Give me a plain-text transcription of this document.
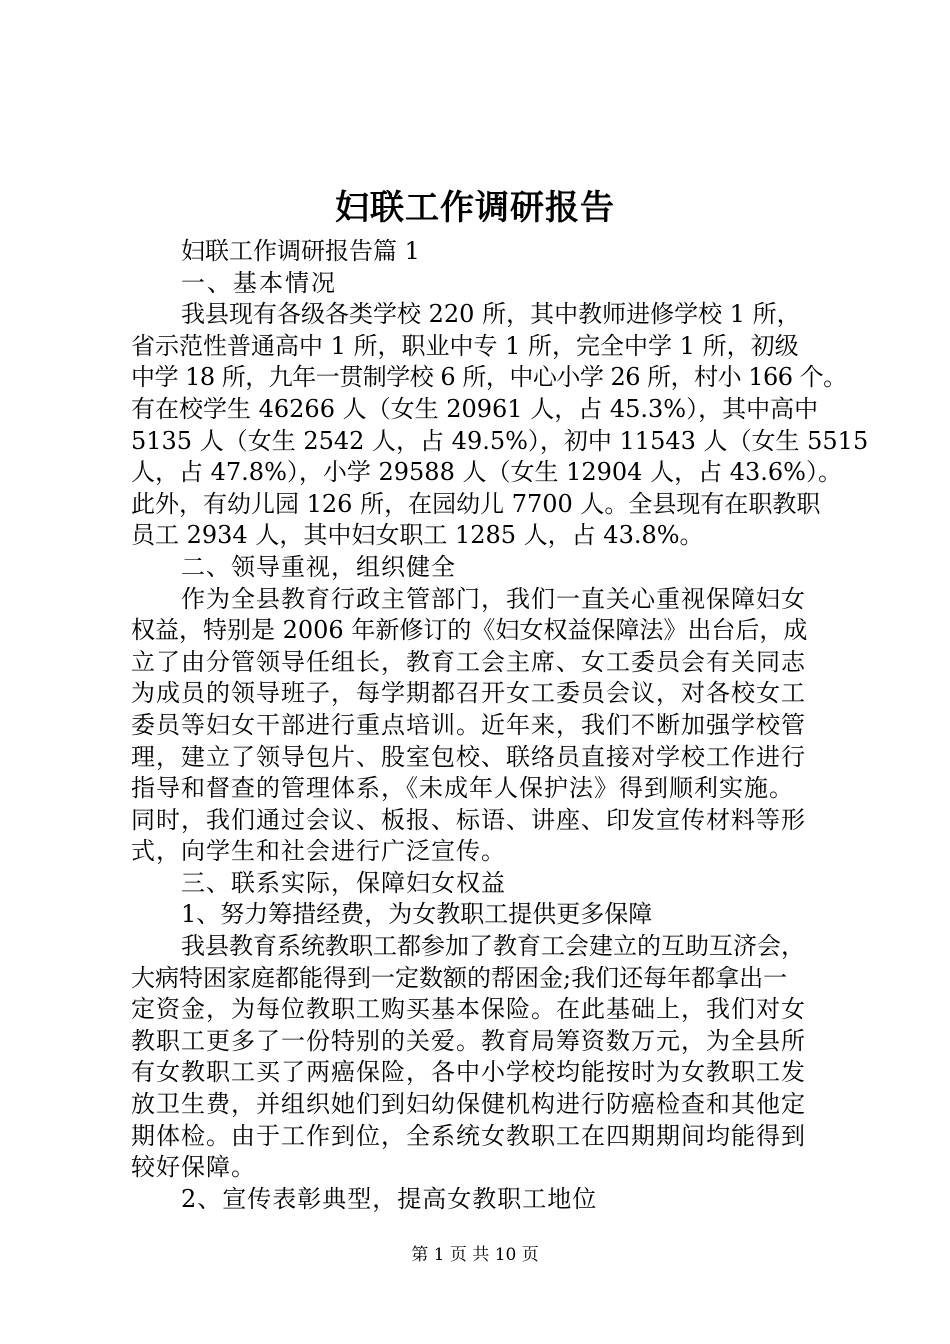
妇联工作调研报告
妇联工作调研报告篇 1
一、基本情况
我县现有各级各类学校 220 所，其中教师进修学校 1 所，
省示范性普通高中 1 所，职业中专 1 所，完全中学 1 所，初级
中学 18 所，九年一贯制学校 6 所，中心小学 26 所，村小 166 个。
有在校学生 46266 人（女生 20961 人，占 45.3%），其中高中
5135 人（女生 2542 人，占 49.5%），初中 11543 人（女生 5515
人，占 47.8%），小学 29588 人（女生 12904 人，占 43.6%）。
此外，有幼儿园 126 所，在园幼儿 7700 人。全县现有在职教职
员工 2934 人，其中妇女职工 1285 人，占 43.8%。
二、领导重视，组织健全
作为全县教育行政主管部门，我们一直关心重视保障妇女
权益，特别是 2006 年新修订的《妇女权益保障法》出台后，成
立了由分管领导任组长，教育工会主席、女工委员会有关同志
为成员的领导班子，每学期都召开女工委员会议，对各校女工
委员等妇女干部进行重点培训。近年来，我们不断加强学校管
理，建立了领导包片、股室包校、联络员直接对学校工作进行
指导和督查的管理体系，《未成年人保护法》得到顺利实施。
同时，我们通过会议、板报、标语、讲座、印发宣传材料等形
式，向学生和社会进行广泛宣传。
三、联系实际，保障妇女权益
1、努力筹措经费，为女教职工提供更多保障
我县教育系统教职工都参加了教育工会建立的互助互济会，
大病特困家庭都能得到一定数额的帮困金;我们还每年都拿出一
定资金，为每位教职工购买基本保险。在此基础上，我们对女
教职工更多了一份特别的关爱。教育局筹资数万元，为全县所
有女教职工买了两癌保险，各中小学校均能按时为女教职工发
放卫生费，并组织她们到妇幼保健机构进行防癌检查和其他定
期体检。由于工作到位，全系统女教职工在四期期间均能得到
较好保障。
2、宣传表彰典型，提高女教职工地位
第 1 页 共 10 页
